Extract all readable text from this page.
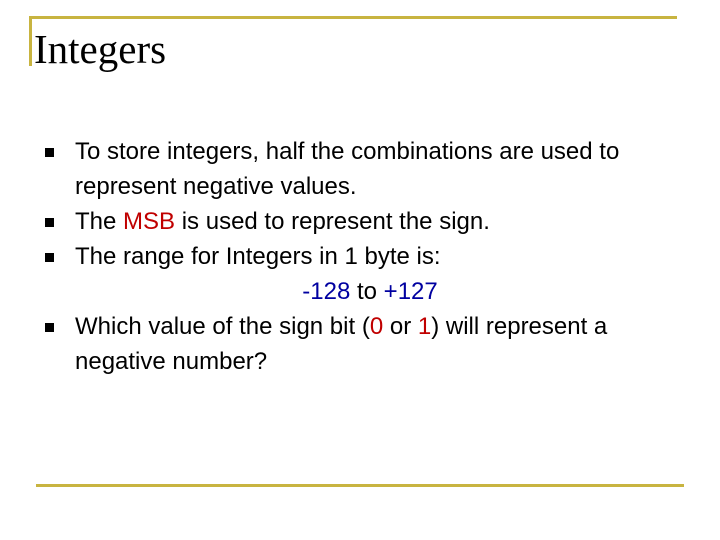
Integers
To store integers, half the combinations are used to represent negative values.
The MSB is used to represent the sign.
The range for Integers in 1 byte is:
-128 to +127
Which value of the sign bit (0 or 1) will represent a negative number?
